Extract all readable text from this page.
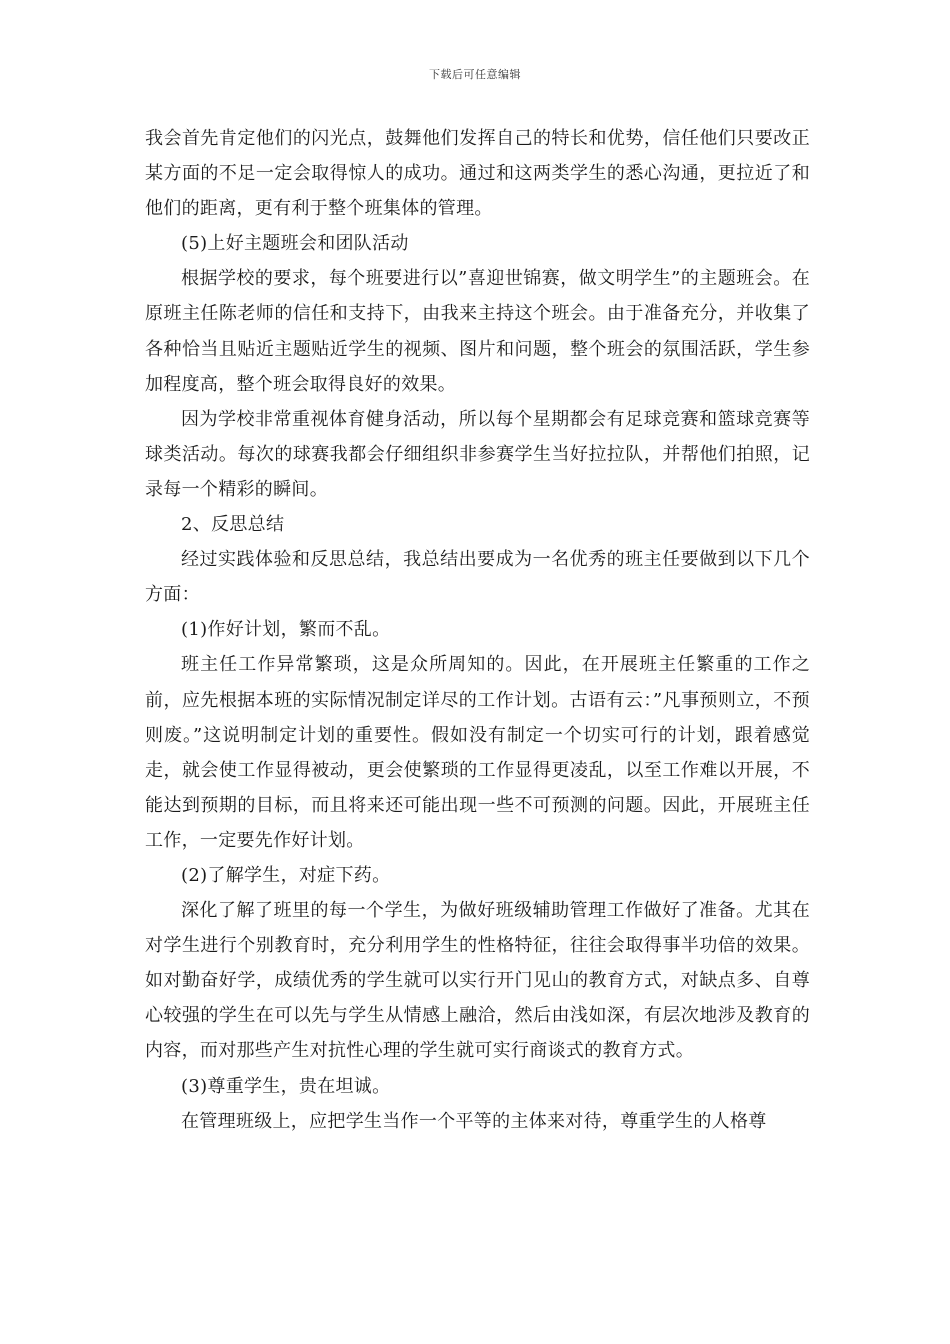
下载后可任意编辑

我会首先肯定他们的闪光点，鼓舞他们发挥自己的特长和优势，信任他们只要改正某方面的不足一定会取得惊人的成功。通过和这两类学生的悉心沟通，更拉近了和他们的距离，更有利于整个班集体的管理。

(5)上好主题班会和团队活动

根据学校的要求，每个班要进行以”喜迎世锦赛，做文明学生”的主题班会。在原班主任陈老师的信任和支持下，由我来主持这个班会。由于准备充分，并收集了各种恰当且贴近主题贴近学生的视频、图片和问题，整个班会的氛围活跃，学生参加程度高，整个班会取得良好的效果。

因为学校非常重视体育健身活动，所以每个星期都会有足球竞赛和篮球竞赛等球类活动。每次的球赛我都会仔细组织非参赛学生当好拉拉队，并帮他们拍照，记录每一个精彩的瞬间。

2、反思总结

经过实践体验和反思总结，我总结出要成为一名优秀的班主任要做到以下几个方面：

(1)作好计划，繁而不乱。

班主任工作异常繁琐，这是众所周知的。因此，在开展班主任繁重的工作之前，应先根据本班的实际情况制定详尽的工作计划。古语有云：”凡事预则立，不预则废。”这说明制定计划的重要性。假如没有制定一个切实可行的计划，跟着感觉走，就会使工作显得被动，更会使繁琐的工作显得更凌乱，以至工作难以开展，不能达到预期的目标，而且将来还可能出现一些不可预测的问题。因此，开展班主任工作，一定要先作好计划。

(2)了解学生，对症下药。

深化了解了班里的每一个学生，为做好班级辅助管理工作做好了准备。尤其在对学生进行个别教育时，充分利用学生的性格特征，往往会取得事半功倍的效果。如对勤奋好学，成绩优秀的学生就可以实行开门见山的教育方式，对缺点多、自尊心较强的学生在可以先与学生从情感上融洽，然后由浅如深，有层次地涉及教育的内容，而对那些产生对抗性心理的学生就可实行商谈式的教育方式。

(3)尊重学生，贵在坦诚。

在管理班级上，应把学生当作一个平等的主体来对待，尊重学生的人格尊
